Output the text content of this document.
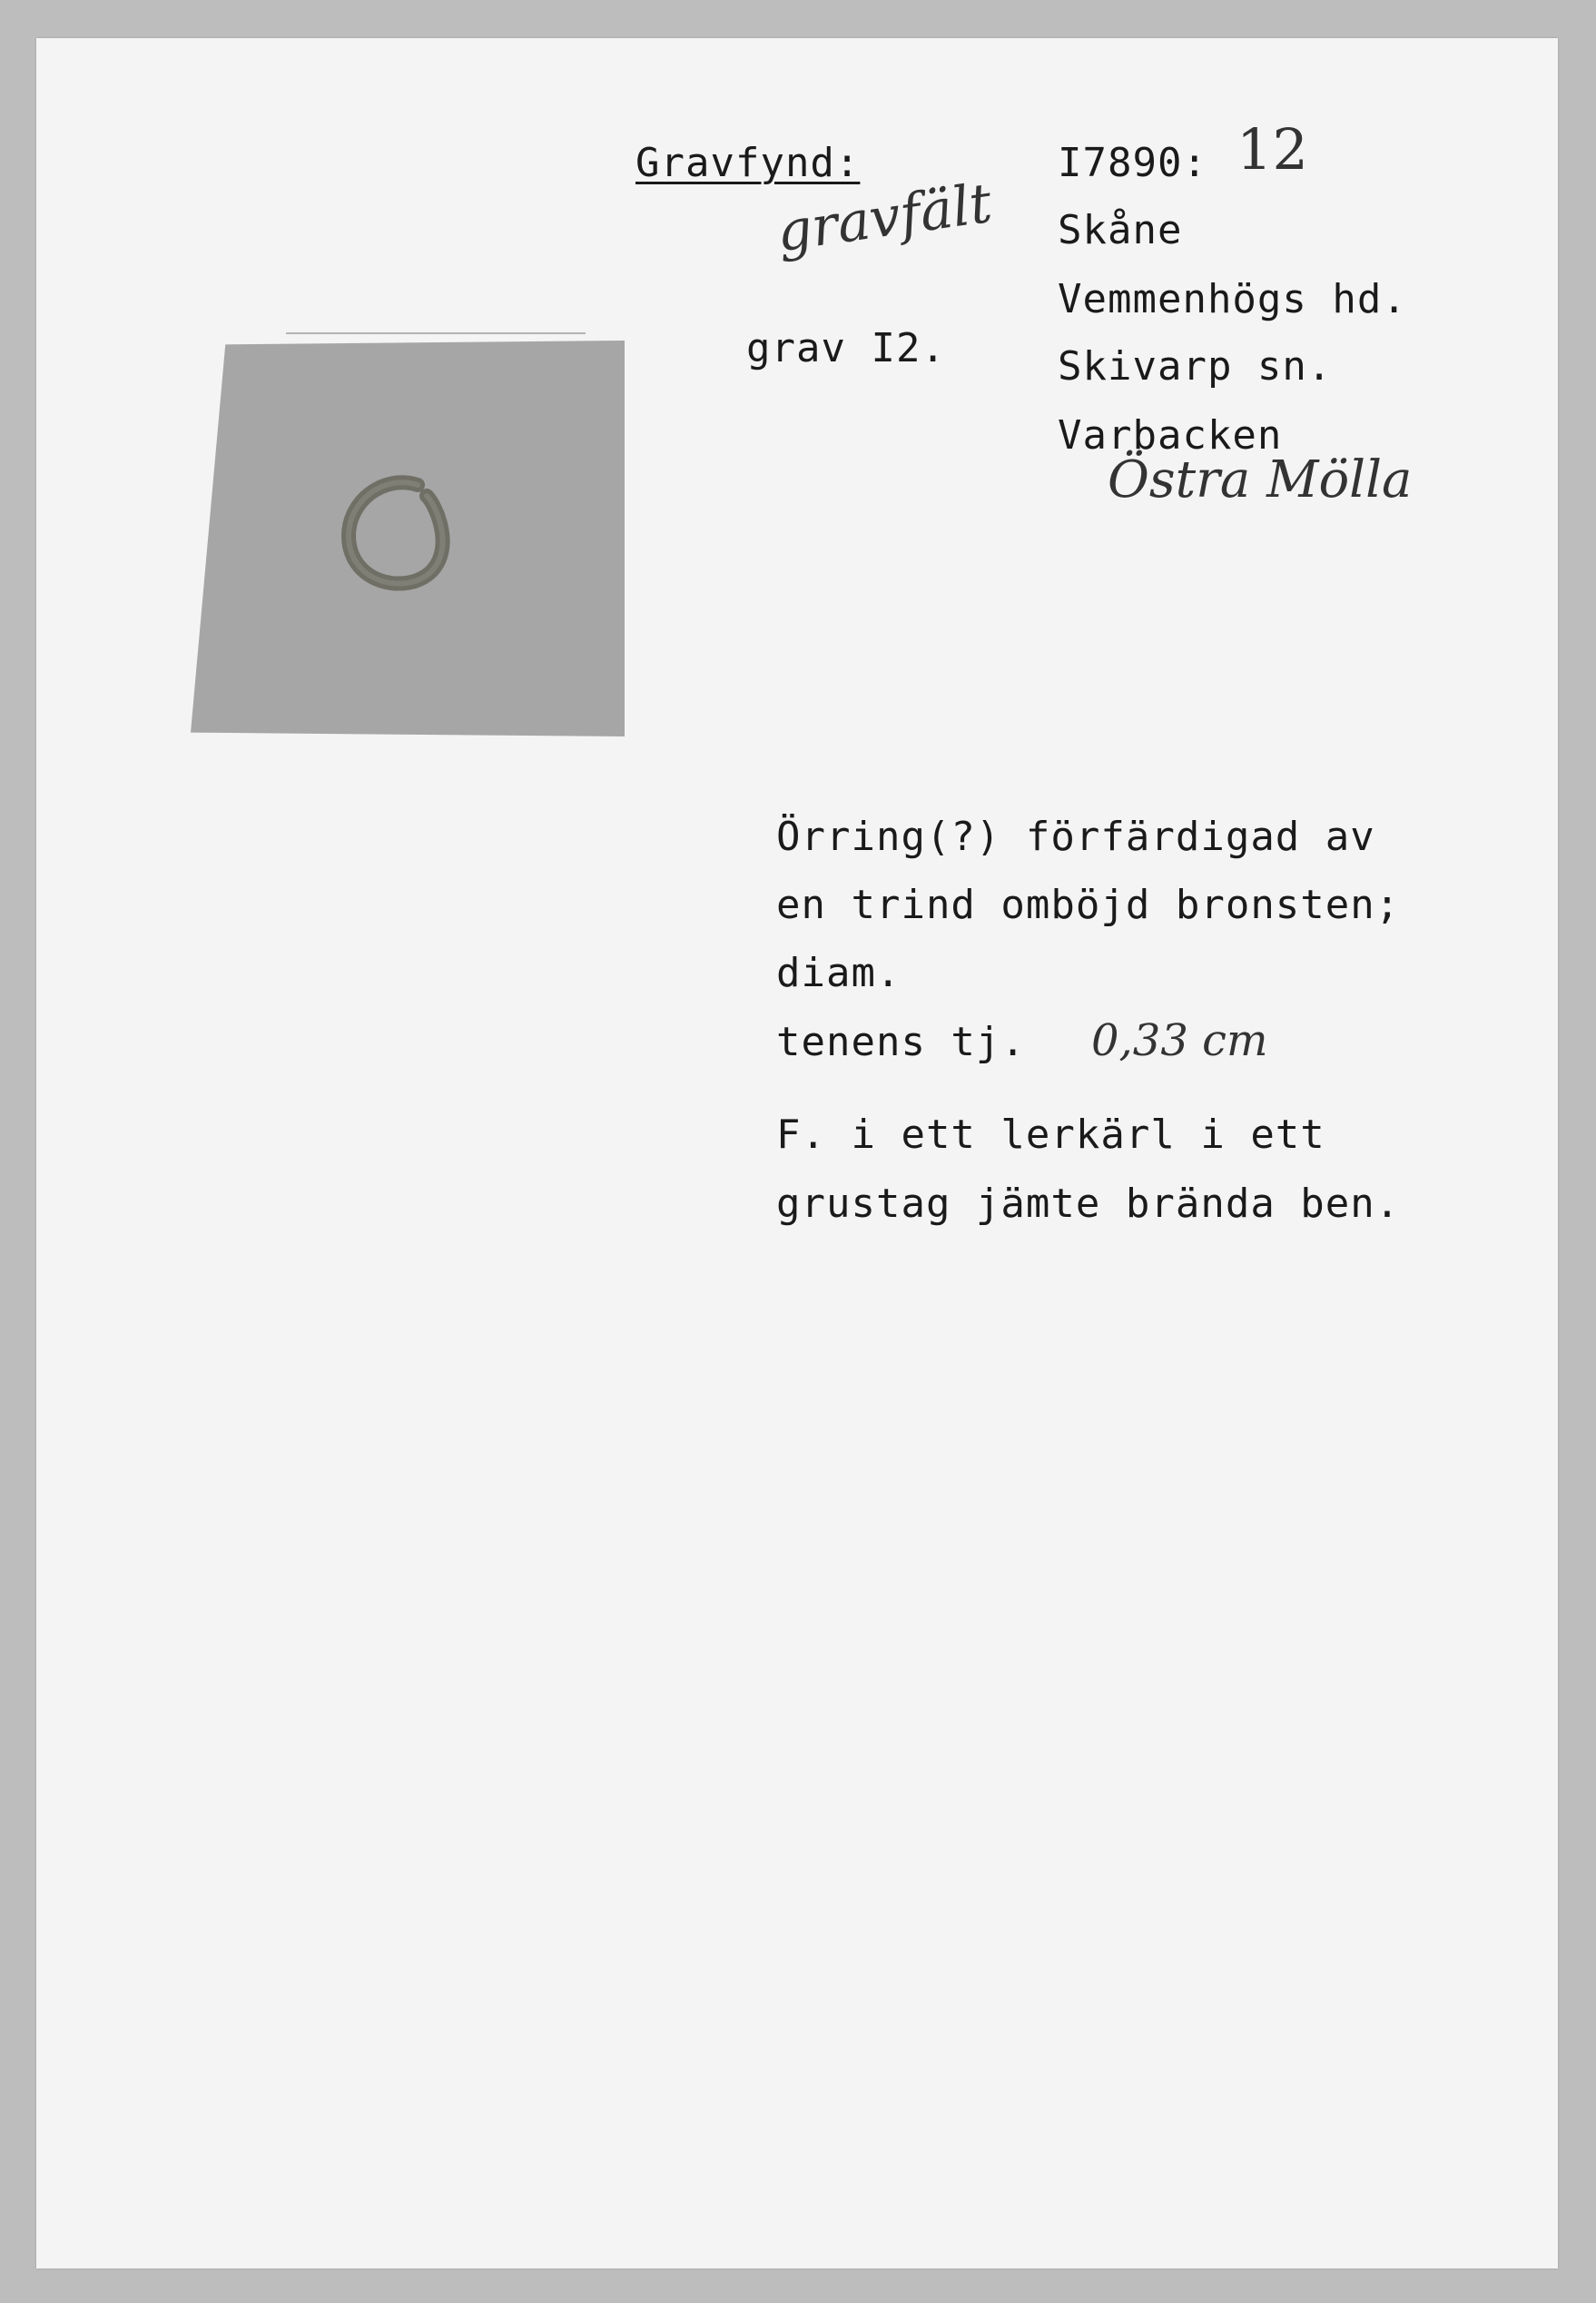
Gravfynd:
gravfält
grav I2.
I7890: 12
Skåne
Vemmenhögs hd.
Skivarp sn.
Varbacken
Östra Mölla
Örring(?) förfärdigad av
en trind omböjd bronsten;
diam.
tenens tj. 0,33 cm
F. i ett lerkärl i ett
grustag jämte brända ben.
